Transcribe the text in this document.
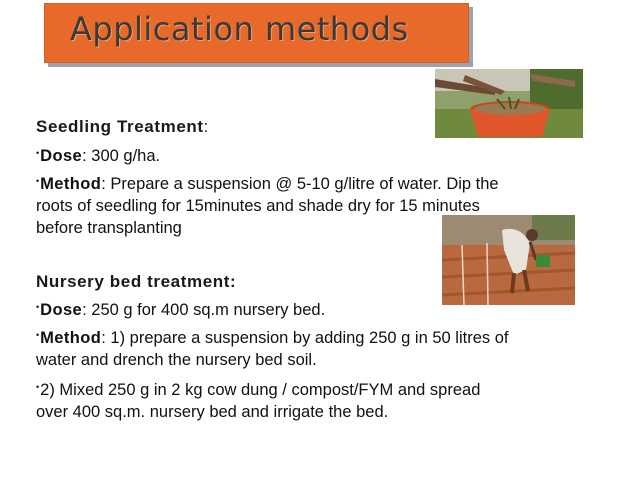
Application methods
Seedling Treatment:
•Dose: 300 g/ha.
•Method: Prepare a suspension @ 5-10 g/litre of water. Dip the
roots of seedling for 15minutes and shade dry for 15 minutes
before transplanting
Nursery bed treatment:
•Dose: 250 g for 400 sq.m nursery bed.
•Method: 1) prepare a suspension by adding 250 g in 50 litres of
water and drench the nursery bed soil.
•2) Mixed 250 g in 2 kg cow dung / compost/FYM and spread
over 400 sq.m. nursery bed and irrigate the bed.
